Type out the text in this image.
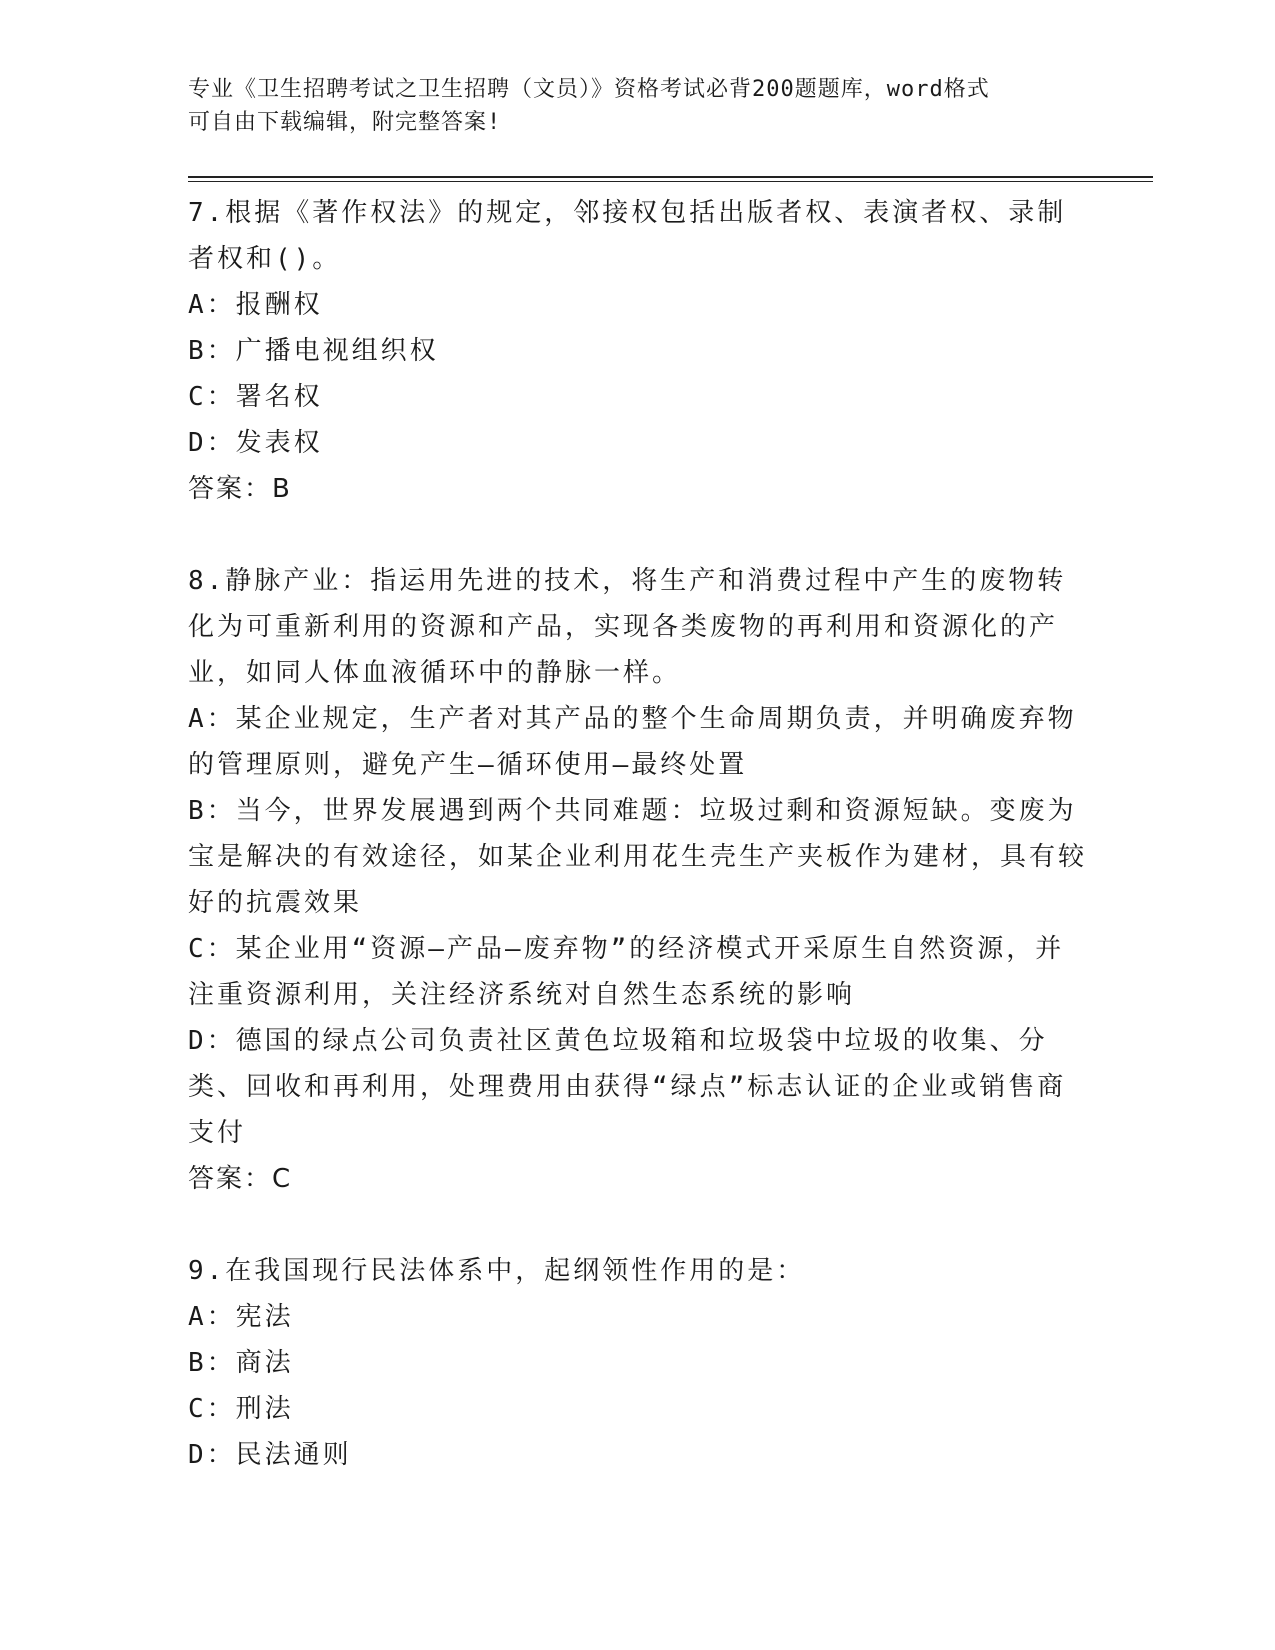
专业《卫生招聘考试之卫生招聘（文员）》资格考试必背200题题库，word格式
可自由下载编辑，附完整答案!

7.根据《著作权法》的规定，邻接权包括出版者权、表演者权、录制者权和()。

A：报酬权

B：广播电视组织权

C：署名权

D：发表权

答案：B

8.静脉产业：指运用先进的技术，将生产和消费过程中产生的废物转化为可重新利用的资源和产品，实现各类废物的再利用和资源化的产业，如同人体血液循环中的静脉一样。

A：某企业规定，生产者对其产品的整个生命周期负责，并明确废弃物的管理原则，避免产生—循环使用—最终处置

B：当今，世界发展遇到两个共同难题：垃圾过剩和资源短缺。变废为宝是解决的有效途径，如某企业利用花生壳生产夹板作为建材，具有较好的抗震效果

C：某企业用“资源—产品—废弃物”的经济模式开采原生自然资源，并注重资源利用，关注经济系统对自然生态系统的影响

D：德国的绿点公司负责社区黄色垃圾箱和垃圾袋中垃圾的收集、分类、回收和再利用，处理费用由获得“绿点”标志认证的企业或销售商支付

答案：C

9.在我国现行民法体系中，起纲领性作用的是：

A：宪法

B：商法

C：刑法

D：民法通则
